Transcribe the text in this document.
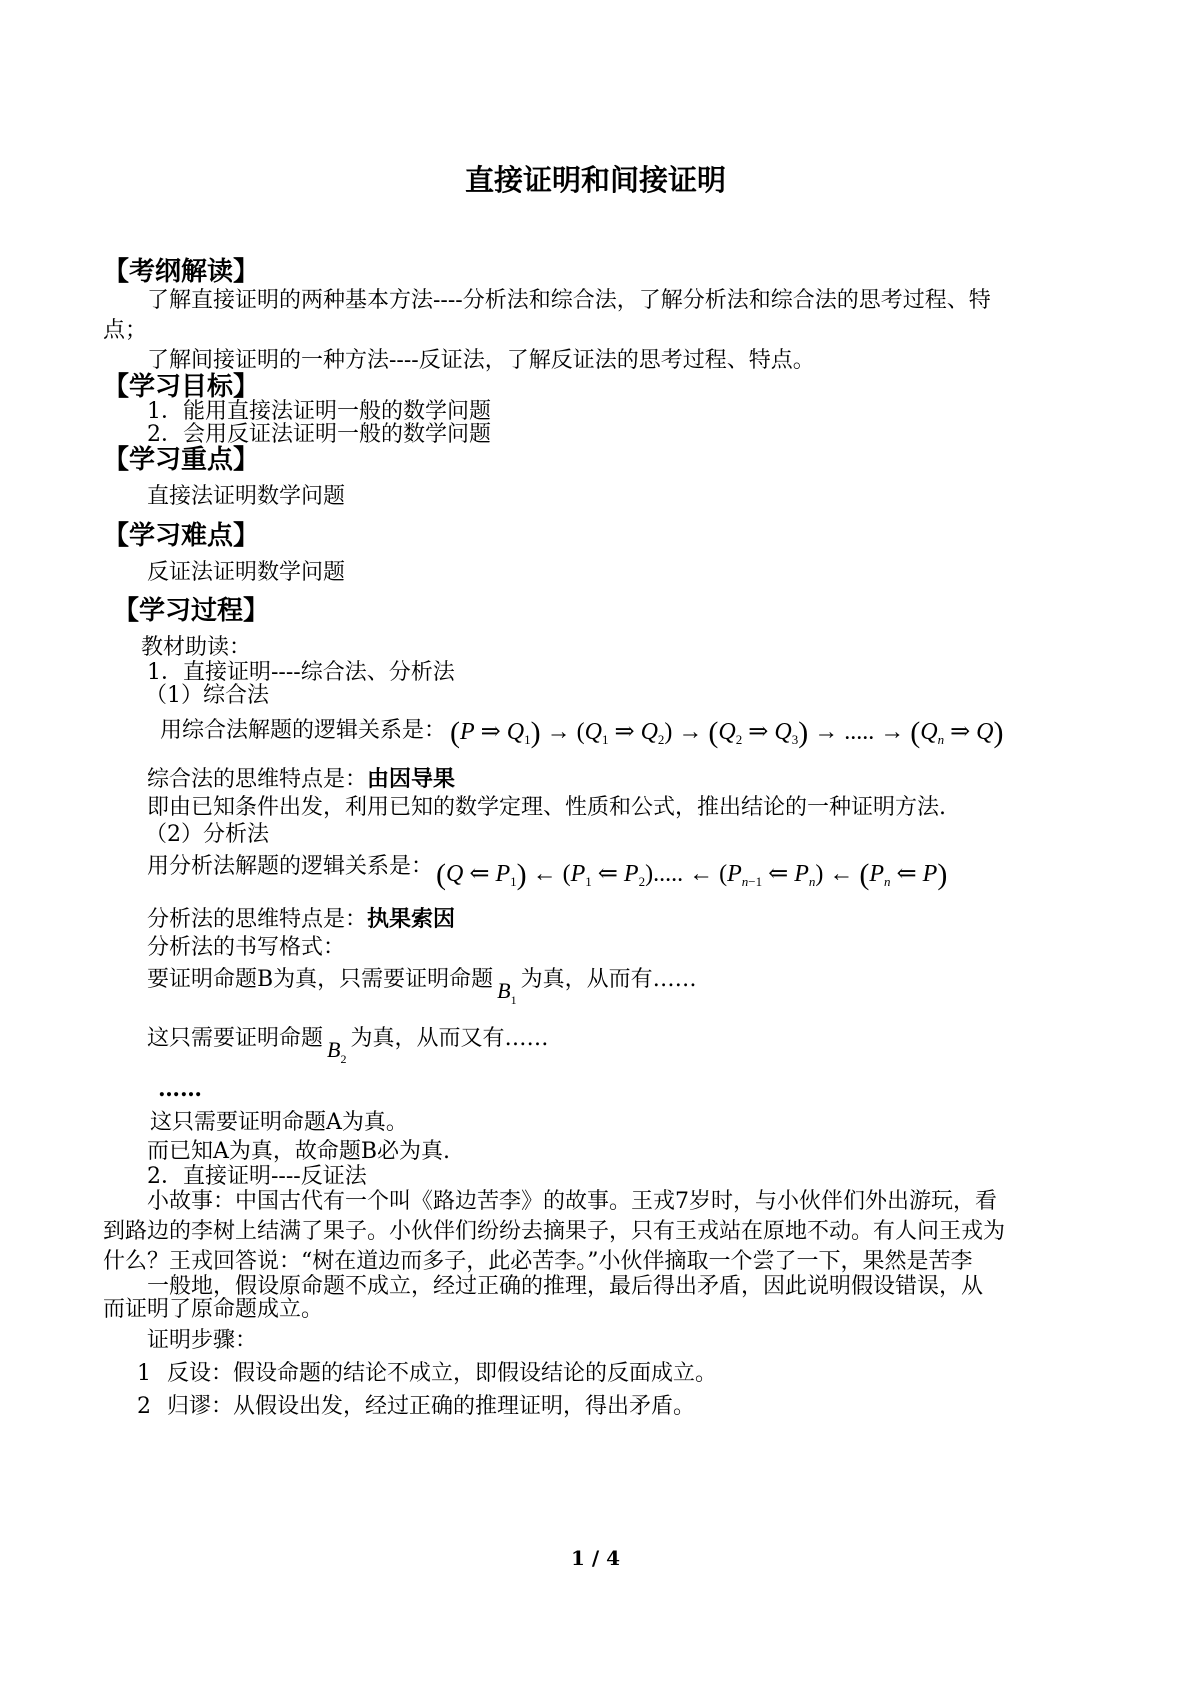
直接证明和间接证明
【考纲解读】
了解直接证明的两种基本方法----分析法和综合法，了解分析法和综合法的思考过程、特
点；
了解间接证明的一种方法----反证法，了解反证法的思考过程、特点。
【学习目标】
1．能用直接法证明一般的数学问题
2．会用反证法证明一般的数学问题
【学习重点】
直接法证明数学问题
【学习难点】
反证法证明数学问题
【学习过程】
教材助读：
1．直接证明----综合法、分析法
（1）综合法
用综合法解题的逻辑关系是： (P ⇒ $Q_1) \to (Q_1$ ⇒ $Q_2) \to (Q_2$ ⇒ $Q_3$) → ..... → ($Q_n$ ⇒ Q)
综合法的思维特点是：由因导果
即由已知条件出发，利用已知的数学定理、性质和公式，推出结论的一种证明方法.
（2）分析法
用分析法解题的逻辑关系是： (Q ⇐ $P_1$) ← ($P_1$ ⇐ $P_2$)..... ← ($P_{n-1}$ ⇐ $P_n$) ← ($P_n$ ⇐ P)
分析法的思维特点是：执果索因
分析法的书写格式：
要证明命题B为真，只需要证明命题 $B_1$为真，从而有……
这只需要证明命题 $B_2$为真，从而又有……
……
这只需要证明命题A为真。
而已知A为真，故命题B必为真.
2．直接证明----反证法
小故事：中国古代有一个叫《路边苦李》的故事。王戎7岁时，与小伙伴们外出游玩，看
到路边的李树上结满了果子。小伙伴们纷纷去摘果子，只有王戎站在原地不动。有人问王戎为
什么？王戎回答说：“树在道边而多子，此必苦李。”小伙伴摘取一个尝了一下，果然是苦李
一般地，假设原命题不成立，经过正确的推理，最后得出矛盾，因此说明假设错误，从
而证明了原命题成立。
证明步骤：
1 反设：假设命题的结论不成立，即假设结论的反面成立。
2 归谬：从假设出发，经过正确的推理证明，得出矛盾。
1 / 4
